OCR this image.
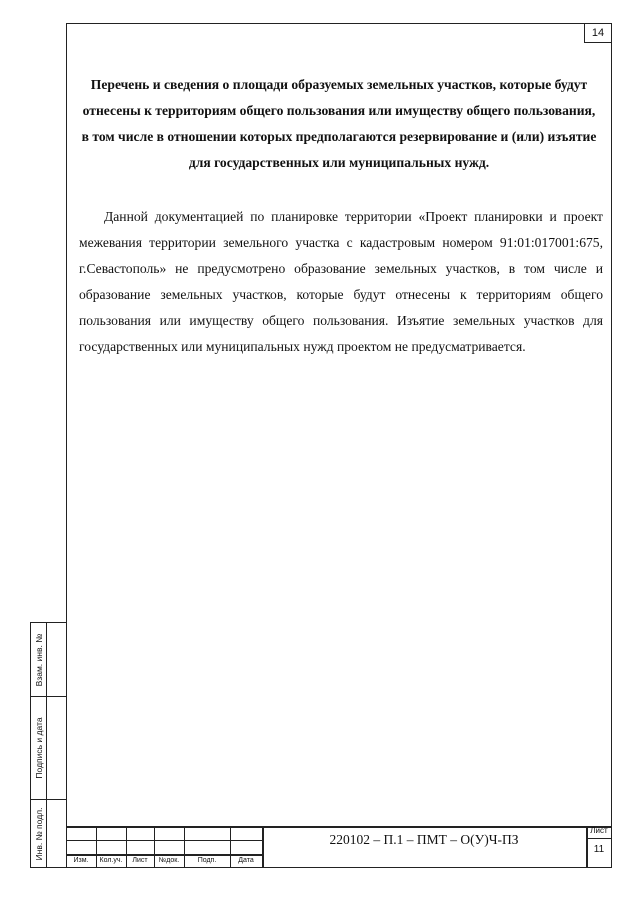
14
Перечень и сведения о площади образуемых земельных участков, которые будут отнесены к территориям общего пользования или имуществу общего пользования, в том числе в отношении которых предполагаются резервирование и (или) изъятие для государственных или муниципальных нужд.
Данной документацией по планировке территории «Проект планировки и проект межевания территории земельного участка с кадастровым номером 91:01:017001:675, г.Севастополь» не предусмотрено образование земельных участков, в том числе и образование земельных участков, которые будут отнесены к территориям общего пользования или имуществу общего пользования. Изъятие земельных участков для государственных или муниципальных нужд проектом не предусматривается.
Взам. инв. №
Подпись и дата
Инв. № подл.
Изм.	Кол.уч.	Лист	№док.	Подп.	Дата
220102 – П.1 – ПМТ – О(У)Ч-ПЗ
Лист
11
